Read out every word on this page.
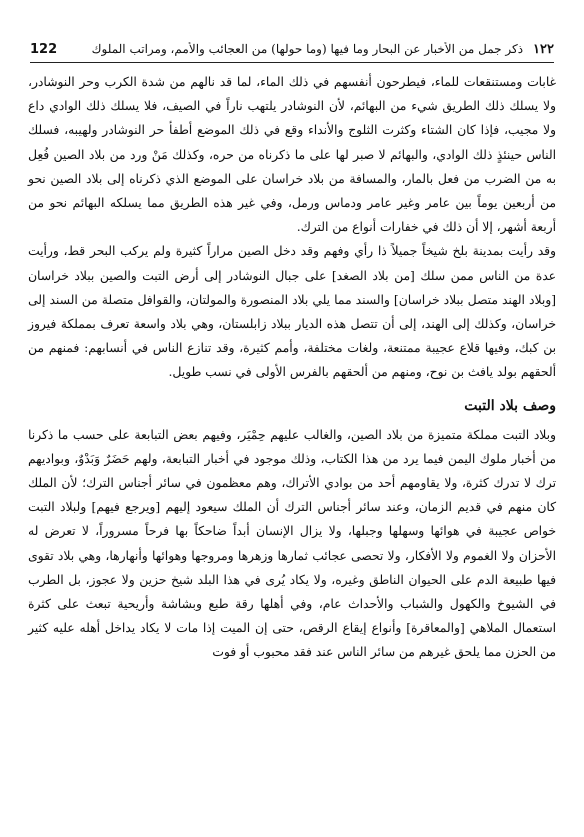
122	١٢٢
ذكر جمل من الأخبار عن البحار وما فيها (وما حولها) من العجائب والأمم، ومراتب الملوك

غابات ومستنقعات للماء، فيطرحون أنفسهم في ذلك الماء، لما قد نالهم من شدة الكرب وحر النوشادر، ولا يسلك ذلك الطريق شيء من البهائم، لأن النوشادر يلتهب ناراً في الصيف، فلا يسلك ذلك الوادي داع ولا مجيب، فإذا كان الشتاء وكثرت الثلوج والأنداء وقع في ذلك الموضع أطفأ حر النوشادر ولهيبه، فسلك الناس حينئذٍ ذلك الوادي، والبهائم لا صبر لها على ما ذكرناه من حره، وكذلك مَنْ ورد من بلاد الصين فُعِل به من الضرب من فعل بالمار، والمسافة من بلاد خراسان على الموضع الذي ذكرناه إلى بلاد الصين نحو من أربعين يوماً بين عامر وغير عامر ودماس ورمل، وفي غير هذه الطريق مما يسلكه البهائم نحو من أربعة أشهر، إلا أن ذلك في خفارات أنواع من الترك.

وقد رأيت بمدينة بلخ شيخاً جميلاً ذا رأي وفهم وقد دخل الصين مراراً كثيرة ولم يركب البحر قط، ورأيت عدة من الناس ممن سلك [من بلاد الصغد] على جبال النوشادر إلى أرض التبت والصين ببلاد خراسان [وبلاد الهند متصل ببلاد خراسان] والسند مما يلي بلاد المنصورة والمولتان، والقوافل متصلة من السند إلى خراسان، وكذلك إلى الهند، إلى أن تتصل هذه الديار ببلاد زابلستان، وهي بلاد واسعة تعرف بمملكة فيروز بن كبك، وفيها قلاع عجيبة ممتنعة، ولغات مختلفة، وأمم كثيرة، وقد تنازع الناس في أنسابهم: فمنهم من ألحقهم بولد يافث بن نوح، ومنهم من ألحقهم بالفرس الأولى في نسب طويل.

وصف بلاد التبت

وبلاد التبت مملكة متميزة من بلاد الصين، والغالب عليهم حِمْيَر، وفيهم بعض التبابعة على حسب ما ذكرنا من أخبار ملوك اليمن فيما يرد من هذا الكتاب، وذلك موجود في أخبار التبابعة، ولهم حَضَرٌ وَبَدْوٌ، وبواديهم ترك لا تدرك كثرة، ولا يقاومهم أحد من بوادي الأتراك، وهم معظمون في سائر أجناس الترك؛ لأن الملك كان منهم في قديم الزمان، وعند سائر أجناس الترك أن الملك سيعود إليهم [ويرجع فيهم] ولبلاد التبت خواص عجيبة في هوائها وسهلها وجبلها، ولا يزال الإنسان أبداً ضاحكاً بها فرحاً مسروراً، لا تعرض له الأحزان ولا الغموم ولا الأفكار، ولا تحصى عجائب ثمارها وزهرها ومروجها وهوائها وأنهارها، وهي بلاد تقوى فيها طبيعة الدم على الحيوان الناطق وغيره، ولا يكاد يُرى في هذا البلد شيخ حزين ولا عجوز، بل الطرب في الشيوخ والكهول والشباب والأحداث عام، وفي أهلها رقة طبع وبشاشة وأريحية تبعث على كثرة استعمال الملاهي [والمعاقرة] وأنواع إيقاع الرقص، حتى إن الميت إذا مات لا يكاد يداخل أهله عليه كثير من الحزن مما يلحق غيرهم من سائر الناس عند فقد محبوب أو فوت
